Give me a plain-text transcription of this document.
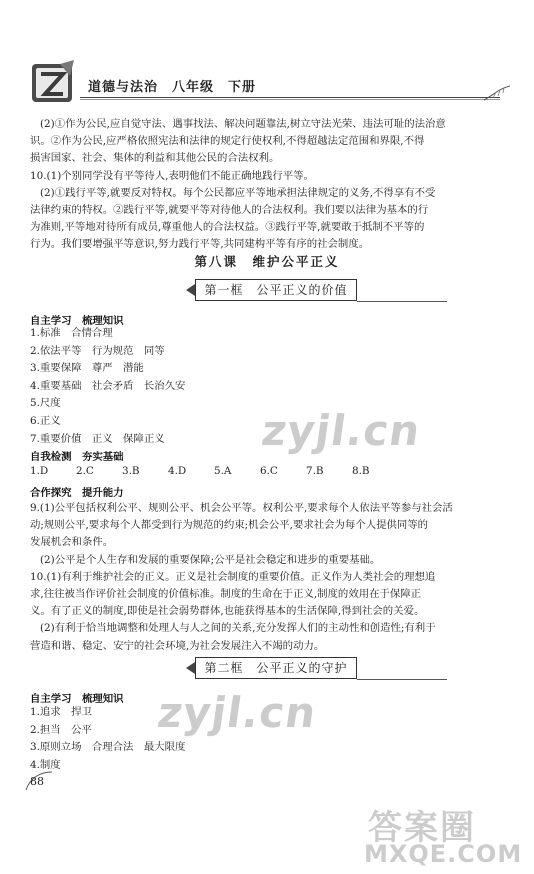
道德与法治　八年级　下册

(2)①作为公民,应自觉守法、遇事找法、解决问题靠法,树立守法光荣、违法可耻的法治意

识。②作为公民,应严格依照宪法和法律的规定行使权利,不得超越法定范围和界限,不得

损害国家、社会、集体的利益和其他公民的合法权利。

10.(1)个别同学没有平等待人,表明他们不能正确地践行平等。

(2)①践行平等,就要反对特权。每个公民都应平等地承担法律规定的义务,不得享有不受

法律约束的特权。②践行平等,就要平等对待他人的合法权利。我们要以法律为基本的行

为准则,平等地对待所有成员,尊重他人的合法权益。③践行平等,就要敢于抵制不平等的

行为。我们要增强平等意识,努力践行平等,共同建构平等有序的社会制度。

第八课　维护公平正义
第一框　公平正义的价值
自主学习　梳理知识

1.标准　合情合理

2.依法平等　行为规范　同等

3.重要保障　尊严　潜能

4.重要基础　社会矛盾　长治久安

5.尺度

6.正义

7.重要价值　正义　保障正义

自我检测　夯实基础
1.D	2.C	3.B	4.D	5.A	6.C	7.B	8.B
合作探究　提升能力

9.(1)公平包括权利公平、规则公平、机会公平等。权利公平,要求每个人依法平等参与社会活

动;规则公平,要求每个人都受到行为规范的约束;机会公平,要求社会为每个人提供同等的

发展机会和条件。

(2)公平是个人生存和发展的重要保障;公平是社会稳定和进步的重要基础。

10.(1)有利于维护社会的正义。正义是社会制度的重要价值。正义作为人类社会的理想追

求,往往被当作评价社会制度的价值标准。制度的生命在于正义,制度的效用在于保障正

义。有了正义的制度,即使是社会弱势群体,也能获得基本的生活保障,得到社会的关爱。

(2)有利于恰当地调整和处理人与人之间的关系,充分发挥人们的主动性和创造性;有利于

营造和谐、稳定、安宁的社会环境,为社会发展注入不竭的动力。

第二框　公平正义的守护
自主学习　梳理知识

1.追求　捍卫

2.担当　公平

3.原则立场　合理合法　最大限度

4.制度

zyjl.cn
zyjl.cn
88
答案圈
MXQE.COM
